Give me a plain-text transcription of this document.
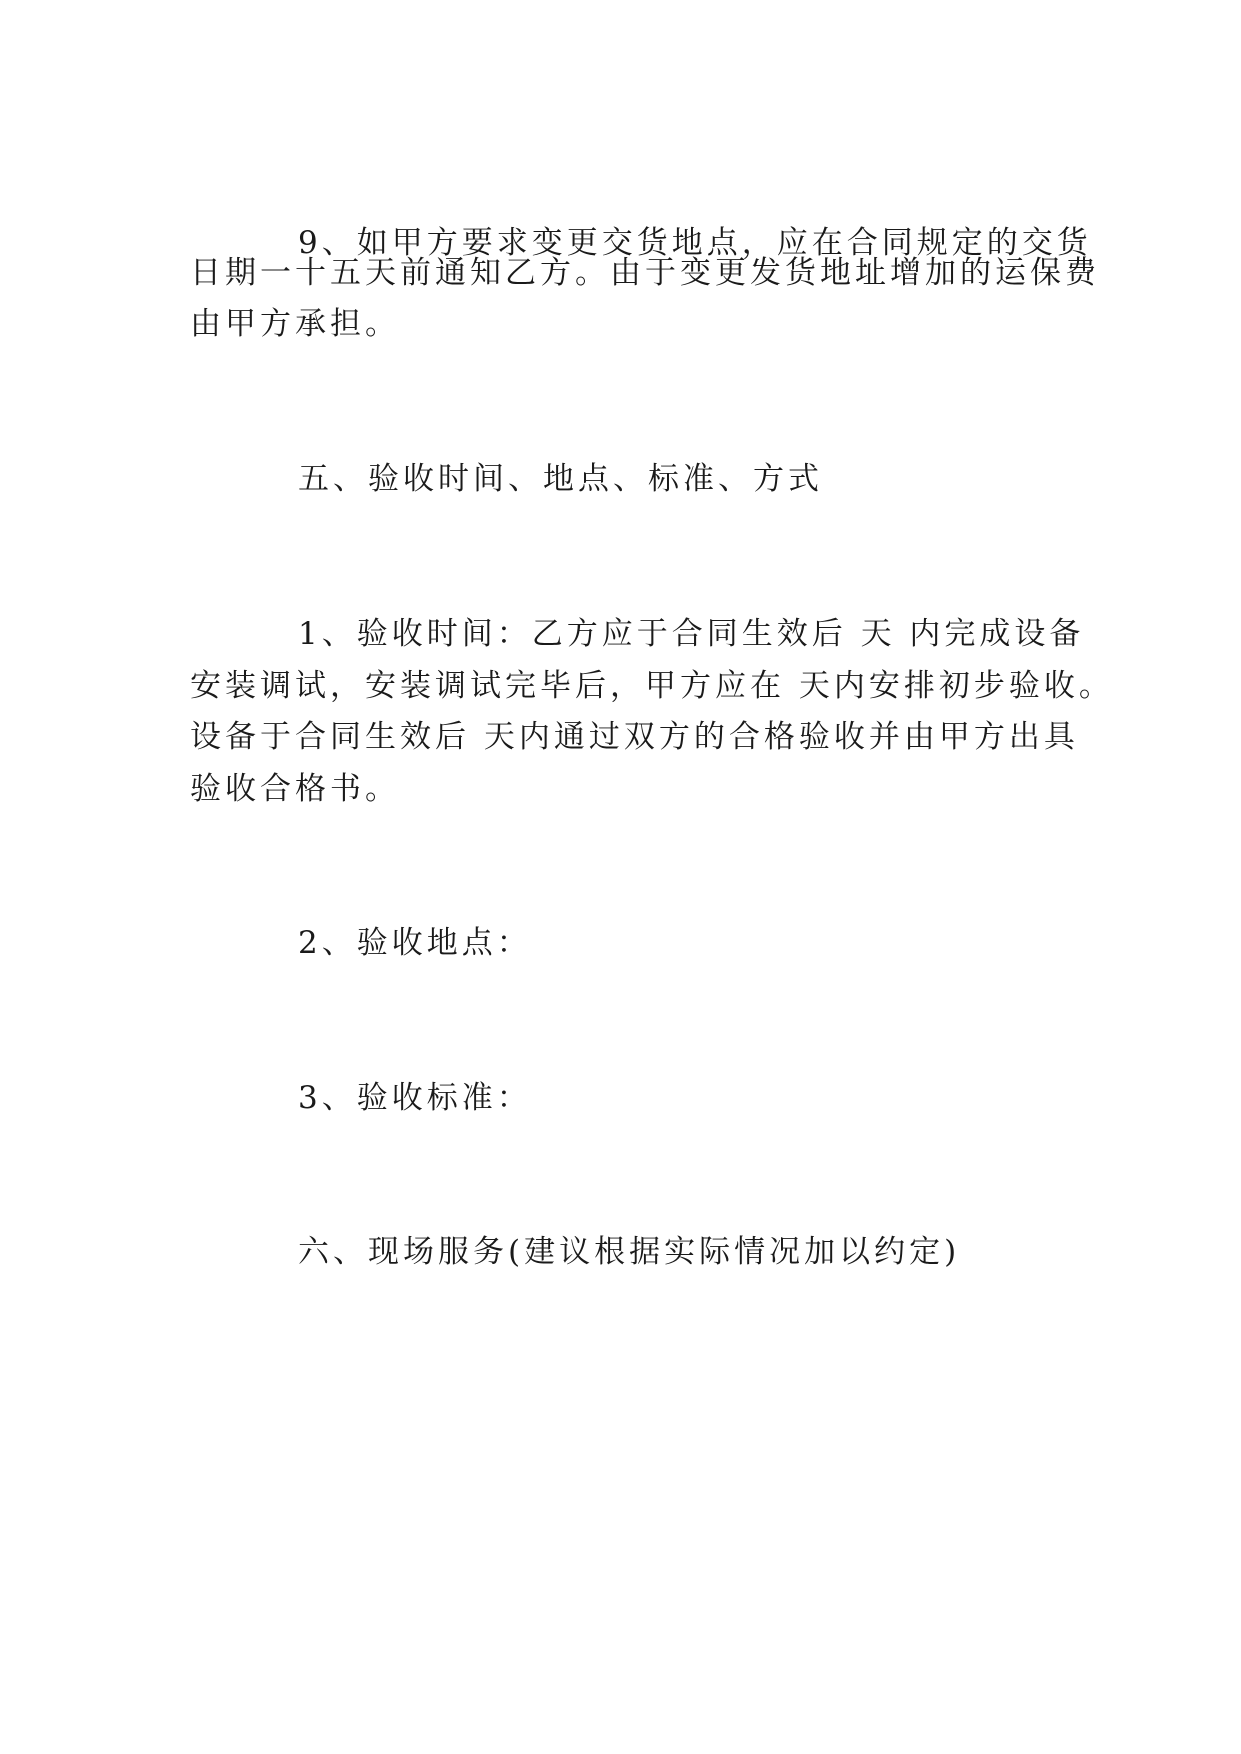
9、如甲方要求变更交货地点，应在合同规定的交货

日期一十五天前通知乙方。由于变更发货地址增加的运保费

由甲方承担。

五、验收时间、地点、标准、方式

1、验收时间：乙方应于合同生效后 天 内完成设备

安装调试，安装调试完毕后，甲方应在 天内安排初步验收。

设备于合同生效后 天内通过双方的合格验收并由甲方出具

验收合格书。

2、验收地点：

3、验收标准：

六、现场服务(建议根据实际情况加以约定)
